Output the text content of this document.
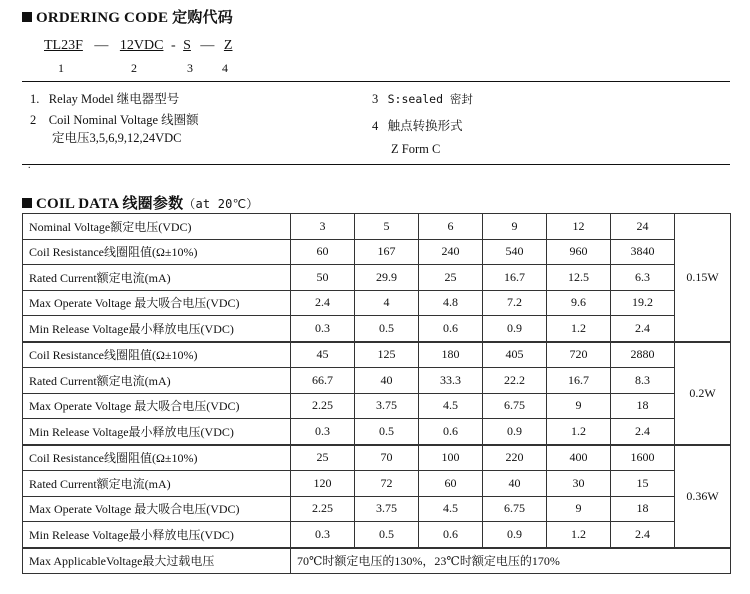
ORDERING CODE 定购代码
TL23F — 12VDC - S — Z
1	2	3 4
1. Relay Model 继电器型号
2 Coil Nominal Voltage 线圈额
定电压3,5,6,9,12,24VDC
3 S:sealed 密封
4 触点转换形式
Z Form C
.
COIL DATA 线圈参数（at 20℃）
Nominal Voltage额定电压(VDC)	3	5	6	9	12	24	0.15W
Coil Resistance线圈阻值(Ω±10%)	60	167	240	540	960	3840	
Rated Current额定电流(mA)	50	29.9	25	16.7	12.5	6.3	
Max Operate Voltage 最大吸合电压(VDC)	2.4	4	4.8	7.2	9.6	19.2	
Min Release Voltage最小释放电压(VDC)	0.3	0.5	0.6	0.9	1.2	2.4	
Coil Resistance线圈阻值(Ω±10%)	45	125	180	405	720	2880	0.2W
Rated Current额定电流(mA)	66.7	40	33.3	22.2	16.7	8.3	
Max Operate Voltage 最大吸合电压(VDC)	2.25	3.75	4.5	6.75	9	18	
Min Release Voltage最小释放电压(VDC)	0.3	0.5	0.6	0.9	1.2	2.4	
Coil Resistance线圈阻值(Ω±10%)	25	70	100	220	400	1600	0.36W
Rated Current额定电流(mA)	120	72	60	40	30	15	
Max Operate Voltage 最大吸合电压(VDC)	2.25	3.75	4.5	6.75	9	18	
Min Release Voltage最小释放电压(VDC)	0.3	0.5	0.6	0.9	1.2	2.4	
Max ApplicableVoltage最大过载电压	70℃时额定电压的130%，23℃时额定电压的170%						
